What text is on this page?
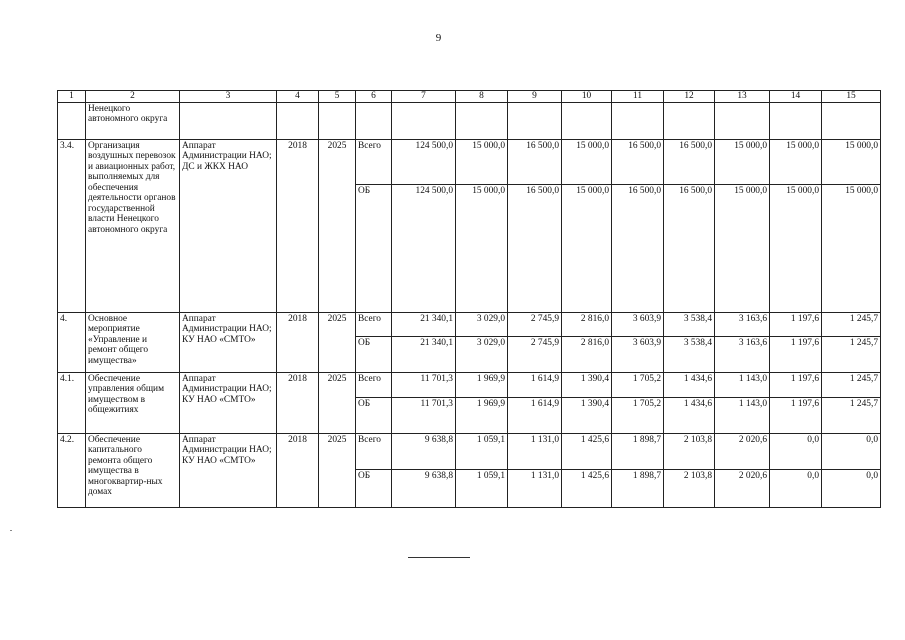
9
1	2	3	4	5	6	7	8	9	10	11	12	13	14	15
	Ненецкого автономного округа													
3.4.	Организация воздушных перевозок и авиационных работ, выполняемых для обеспечения деятельности органов государственной власти Ненецкого автономного округа	Аппарат Администрации НАО; ДС и ЖКХ НАО	2018	2025	Всего	124 500,0	15 000,0	16 500,0	15 000,0	16 500,0	16 500,0	15 000,0	15 000,0	15 000,0
					ОБ	124 500,0	15 000,0	16 500,0	15 000,0	16 500,0	16 500,0	15 000,0	15 000,0	15 000,0
4.	Основное мероприятие «Управление и ремонт общего имущества»	Аппарат Администрации НАО; КУ НАО «СМТО»	2018	2025	Всего	21 340,1	3 029,0	2 745,9	2 816,0	3 603,9	3 538,4	3 163,6	1 197,6	1 245,7
					ОБ	21 340,1	3 029,0	2 745,9	2 816,0	3 603,9	3 538,4	3 163,6	1 197,6	1 245,7
4.1.	Обеспечение управления общим имуществом в общежитиях	Аппарат Администрации НАО; КУ НАО «СМТО»	2018	2025	Всего	11 701,3	1 969,9	1 614,9	1 390,4	1 705,2	1 434,6	1 143,0	1 197,6	1 245,7
					ОБ	11 701,3	1 969,9	1 614,9	1 390,4	1 705,2	1 434,6	1 143,0	1 197,6	1 245,7
4.2.	Обеспечение капитального ремонта общего имущества в многоквартир-ных домах	Аппарат Администрации НАО; КУ НАО «СМТО»	2018	2025	Всего	9 638,8	1 059,1	1 131,0	1 425,6	1 898,7	2 103,8	2 020,6	0,0	0,0
					ОБ	9 638,8	1 059,1	1 131,0	1 425,6	1 898,7	2 103,8	2 020,6	0,0	0,0
